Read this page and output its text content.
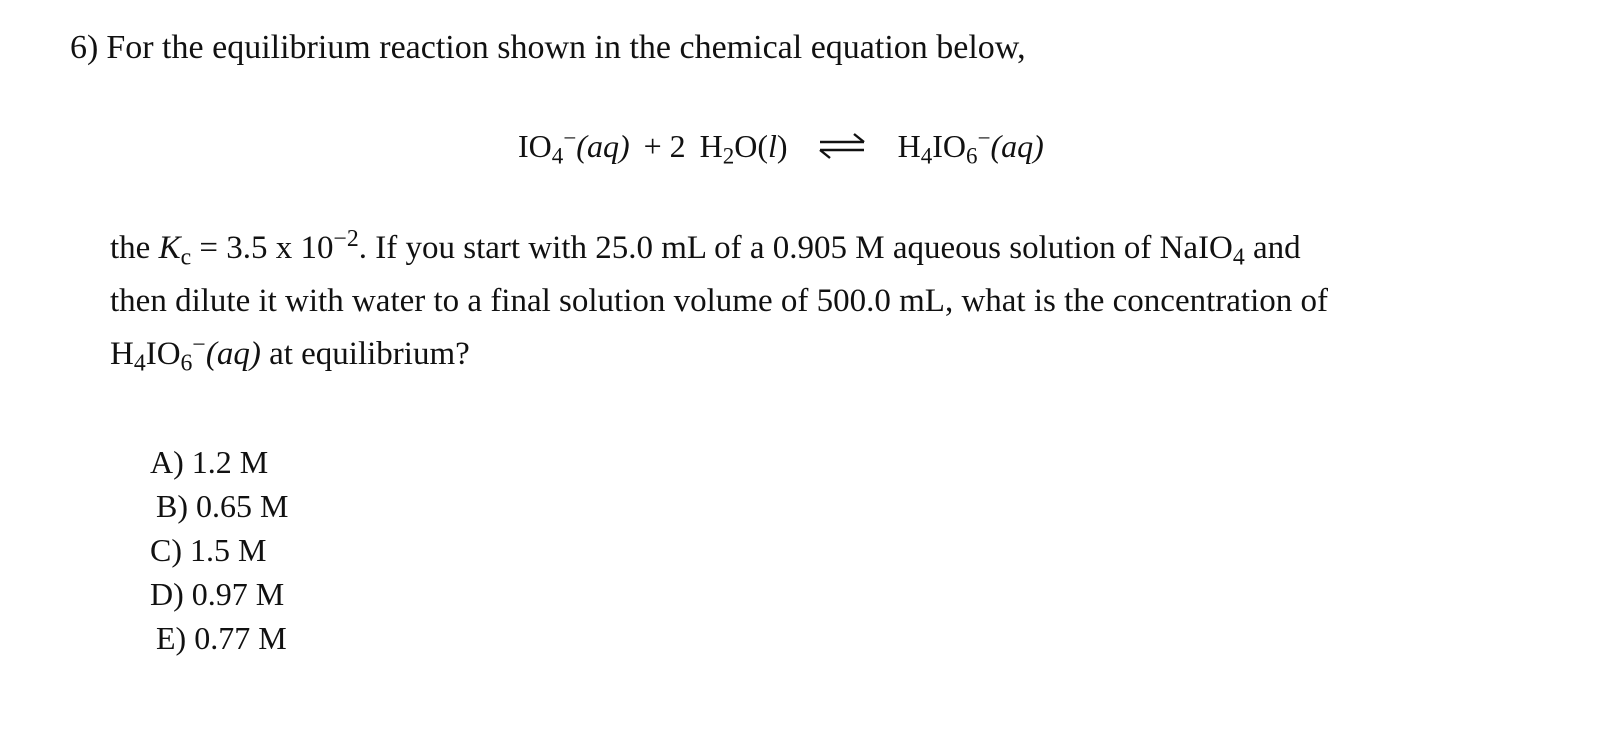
6) For the equilibrium reaction shown in the chemical equation below,
$IO_4^-(aq) + 2$ $H_2O(l)$ ⇌ $H_4IO_6^-(aq)$
the $K_c = 3.5$ x $10^{-2}$. If you start with 25.0 mL of a 0.905 M aqueous solution of NaIO$_4$ and
then dilute it with water to a final solution volume of 500.0 mL, what is the concentration of
$H_4IO_6^-(aq)$ at equilibrium?
A) 1.2 M
B) 0.65 M
C) 1.5 M
D) 0.97 M
E) 0.77 M
